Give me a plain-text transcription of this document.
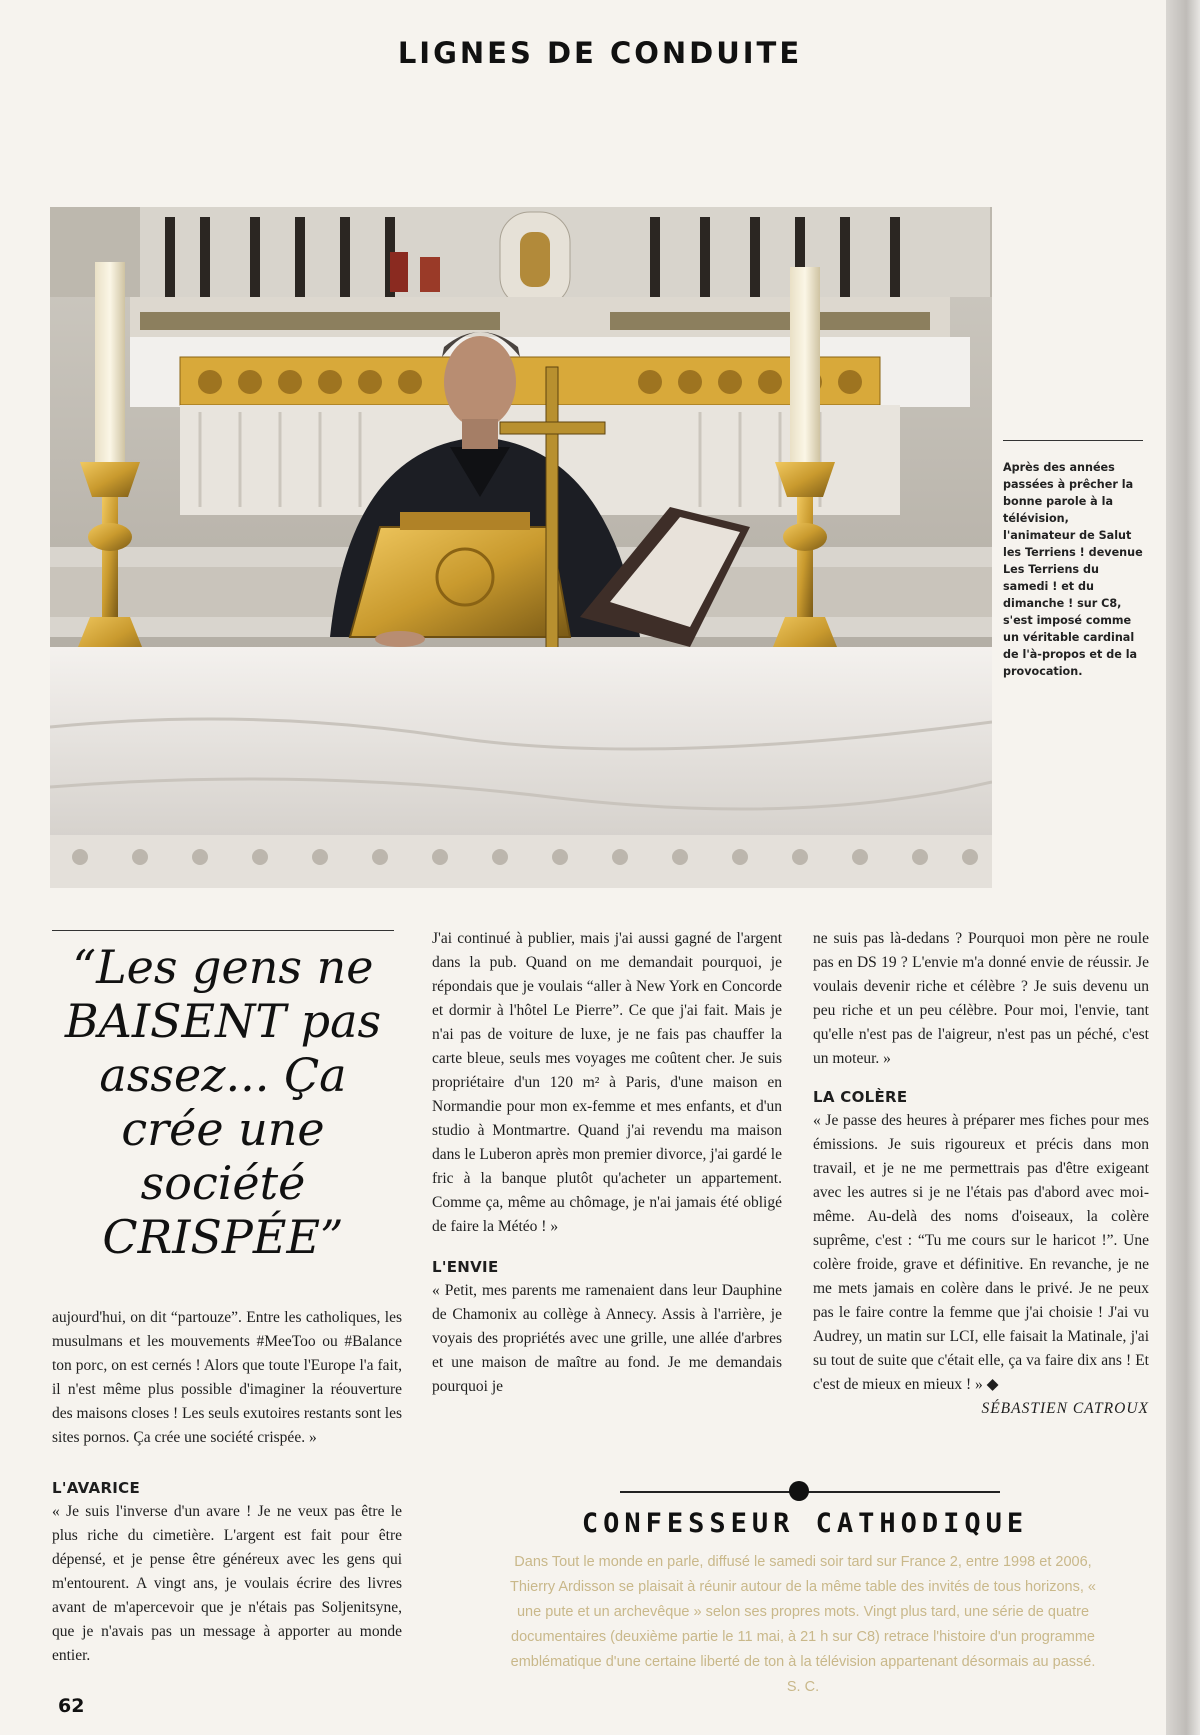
LIGNES DE CONDUITE
Après des années passées à prêcher la bonne parole à la télévision, l'animateur de Salut les Terriens ! devenue Les Terriens du samedi ! et du dimanche ! sur C8, s'est imposé comme un véritable cardinal de l'à-propos et de la provocation.
“Les gens ne BAISENT pas assez... Ça crée une société CRISPÉE”

aujourd'hui, on dit “partouze”. Entre les catholiques, les musulmans et les mouvements #MeeToo ou #Balance ton porc, on est cernés ! Alors que toute l'Europe l'a fait, il n'est même plus possible d'imaginer la réouverture des maisons closes ! Les seuls exutoires restants sont les sites pornos. Ça crée une société crispée. »

L'AVARICE

« Je suis l'inverse d'un avare ! Je ne veux pas être le plus riche du cimetière. L'argent est fait pour être dépensé, et je pense être généreux avec les gens qui m'entourent. A vingt ans, je voulais écrire des livres avant de m'apercevoir que je n'étais pas Soljenitsyne, que je n'avais pas un message à apporter au monde entier.

J'ai continué à publier, mais j'ai aussi gagné de l'argent dans la pub. Quand on me demandait pourquoi, je répondais que je voulais “aller à New York en Concorde et dormir à l'hôtel Le Pierre”. Ce que j'ai fait. Mais je n'ai pas de voiture de luxe, je ne fais pas chauffer la carte bleue, seuls mes voyages me coûtent cher. Je suis propriétaire d'un 120 m² à Paris, d'une maison en Normandie pour mon ex-femme et mes enfants, et d'un studio à Montmartre. Quand j'ai revendu ma maison dans le Luberon après mon premier divorce, j'ai gardé le fric à la banque plutôt qu'acheter un appartement. Comme ça, même au chômage, je n'ai jamais été obligé de faire la Météo ! »

L'ENVIE

« Petit, mes parents me ramenaient dans leur Dauphine de Chamonix au collège à Annecy. Assis à l'arrière, je voyais des propriétés avec une grille, une allée d'arbres et une maison de maître au fond. Je me demandais pourquoi je

ne suis pas là-dedans ? Pourquoi mon père ne roule pas en DS 19 ? L'envie m'a donné envie de réussir. Je voulais devenir riche et célèbre ? Je suis devenu un peu riche et un peu célèbre. Pour moi, l'envie, tant qu'elle n'est pas de l'aigreur, n'est pas un péché, c'est un moteur. »

LA COLÈRE

« Je passe des heures à préparer mes fiches pour mes émissions. Je suis rigoureux et précis dans mon travail, et je ne me permettrais pas d'être exigeant avec les autres si je ne l'étais pas d'abord avec moi-même. Au-delà des noms d'oiseaux, la colère suprême, c'est : “Tu me cours sur le haricot !”. Une colère froide, grave et définitive. En revanche, je ne me mets jamais en colère dans le privé. Je ne peux pas le faire contre la femme que j'ai choisie ! J'ai vu Audrey, un matin sur LCI, elle faisait la Matinale, j'ai su tout de suite que c'était elle, ça va faire dix ans ! Et c'est de mieux en mieux ! » ◆

SÉBASTIEN CATROUX

CONFESSEUR CATHODIQUE
Dans Tout le monde en parle, diffusé le samedi soir tard sur France 2, entre 1998 et 2006, Thierry Ardisson se plaisait à réunir autour de la même table des invités de tous horizons, « une pute et un archevêque » selon ses propres mots. Vingt plus tard, une série de quatre documentaires (deuxième partie le 11 mai, à 21 h sur C8) retrace l'histoire d'un programme emblématique d'une certaine liberté de ton à la télévision appartenant désormais au passé. S. C.
62
